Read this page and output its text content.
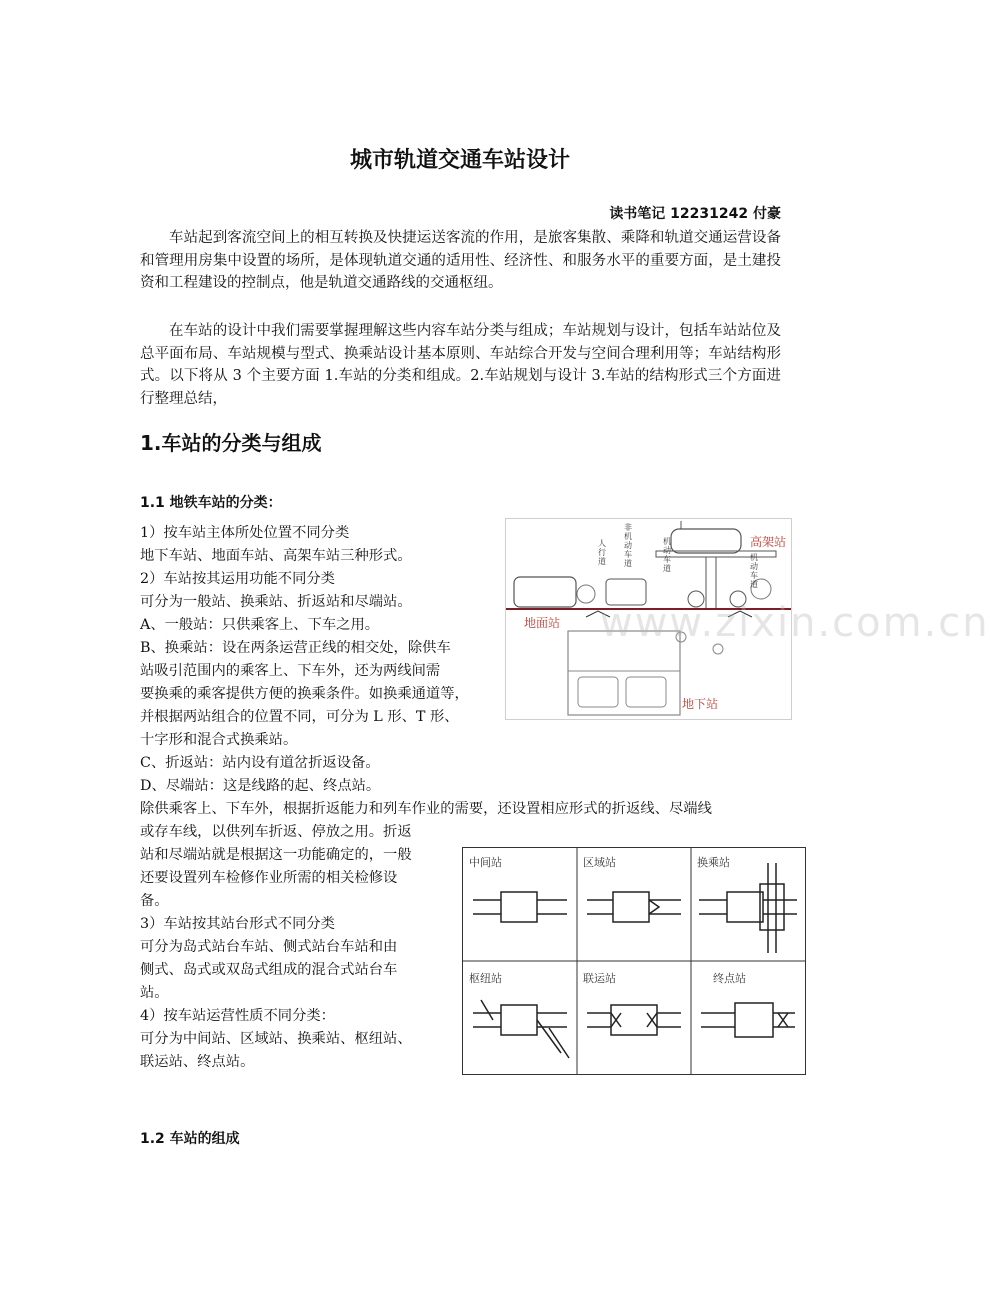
城市轨道交通车站设计
读书笔记 12231242 付豪

车站起到客流空间上的相互转换及快捷运送客流的作用，是旅客集散、乘降和轨道交通运营设备和管理用房集中设置的场所，是体现轨道交通的适用性、经济性、和服务水平的重要方面，是土建投资和工程建设的控制点，他是轨道交通路线的交通枢纽。

在车站的设计中我们需要掌握理解这些内容车站分类与组成；车站规划与设计，包括车站站位及总平面布局、车站规模与型式、换乘站设计基本原则、车站综合开发与空间合理利用等；车站结构形式。以下将从 3 个主要方面 1.车站的分类和组成。2.车站规划与设计 3.车站的结构形式三个方面进行整理总结，

1.车站的分类与组成
1.1 地铁车站的分类：
1）按车站主体所处位置不同分类
地下车站、地面车站、高架车站三种形式。
2）车站按其运用功能不同分类
可分为一般站、换乘站、折返站和尽端站。
A、一般站：只供乘客上、下车之用。
B、换乘站：设在两条运营正线的相交处，除供车
站吸引范围内的乘客上、下车外，还为两线间需
要换乘的乘客提供方便的换乘条件。如换乘通道等，
并根据两站组合的位置不同，可分为 L 形、T 形、
十字形和混合式换乘站。
C、折返站：站内设有道岔折返设备。
D、尽端站：这是线路的起、终点站。
除供乘客上、下车外，根据折返能力和列车作业的需要，还设置相应形式的折返线、尽端线
或存车线，以供列车折返、停放之用。折返
站和尽端站就是根据这一功能确定的，一般
还要设置列车检修作业所需的相关检修设
备。
3）车站按其站台形式不同分类
可分为岛式站台车站、侧式站台车站和由
侧式、岛式或双岛式组成的混合式站台车
站。
4）按车站运营性质不同分类：
可分为中间站、区域站、换乘站、枢纽站、
联运站、终点站。
1.2 车站的组成
高架站
地面站
地下站
人行道
非机动车道
机动车道
机动车道
中间站	区域站	换乘站
枢纽站	联运站	终点站
www.zixin.com.cn
